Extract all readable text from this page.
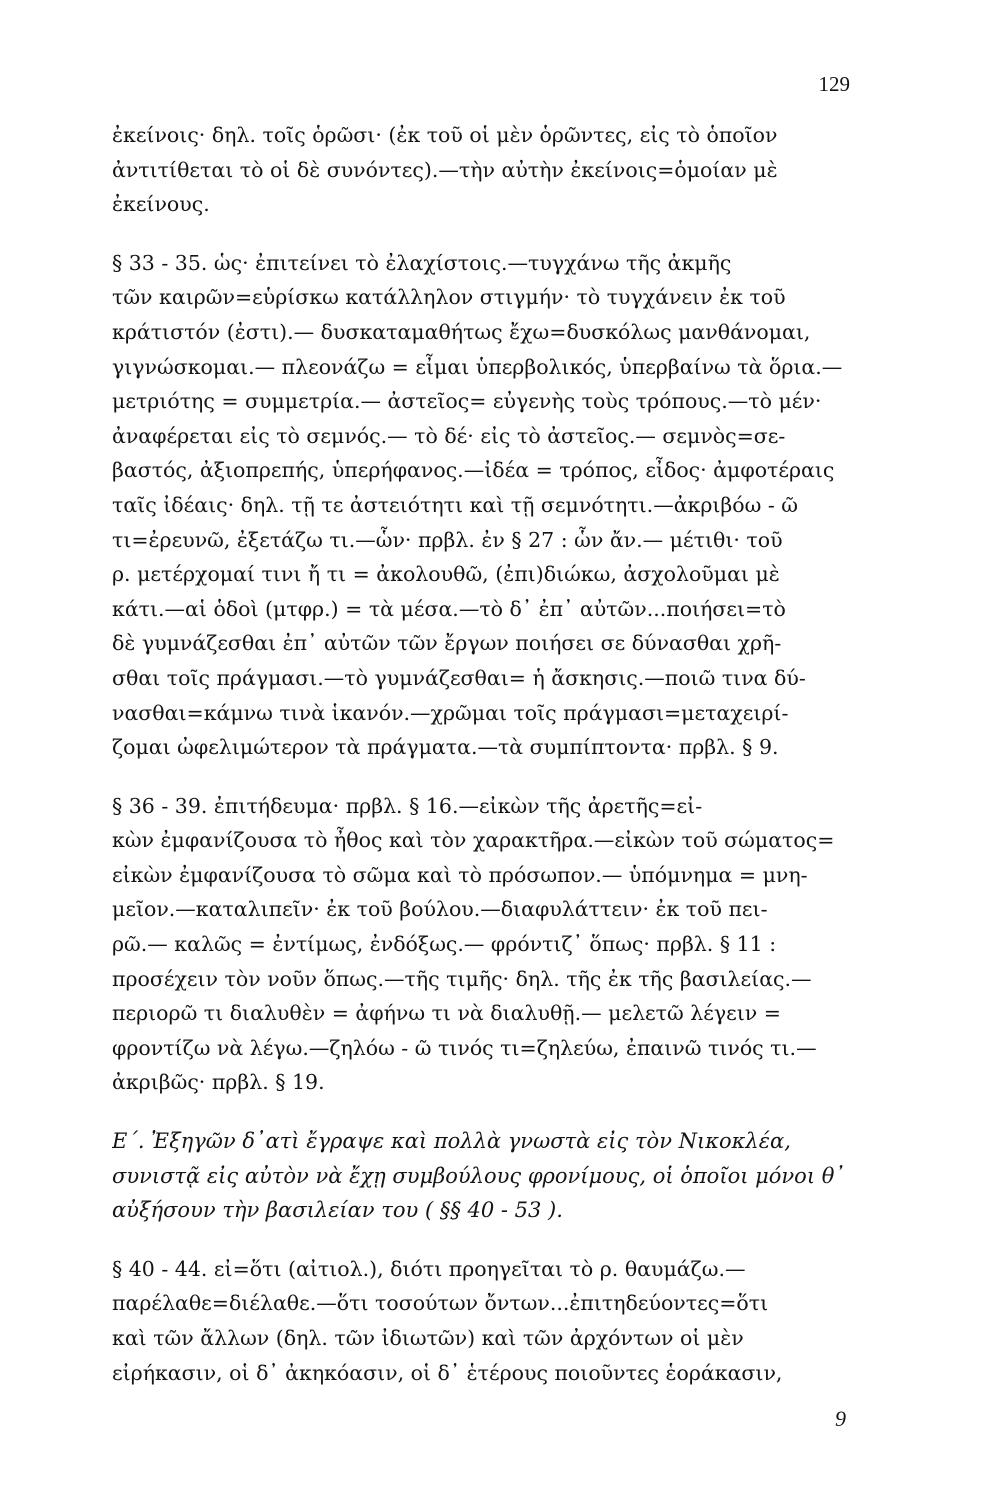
129
ἐκείνοις· δηλ. τοῖς ὁρῶσι· (ἐκ τοῦ οἱ μὲν ὁρῶντες, εἰς τὸ ὁποῖον
ἀντιτίθεται τὸ οἱ δὲ συνόντες).—τὴν αὐτὴν ἐκείνοις=ὁμοίαν μὲ
ἐκείνους.
§ 33 - 35. ὡς· ἐπιτείνει τὸ ἐλαχίστοις.—τυγχάνω τῆς ἀκμῆς
τῶν καιρῶν=εὑρίσκω κατάλληλον στιγμήν· τὸ τυγχάνειν ἐκ τοῦ
κράτιστόν (ἐστι).— δυσκαταμαθήτως ἔχω=δυσκόλως μανθάνομαι,
γιγνώσκομαι.— πλεονάζω = εἶμαι ὑπερβολικός, ὑπερβαίνω τὰ ὅρια.—
μετριότης = συμμετρία.— ἀστεῖος= εὐγενὴς τοὺς τρόπους.—τὸ μέν·
ἀναφέρεται εἰς τὸ σεμνός.— τὸ δέ· εἰς τὸ ἀστεῖος.— σεμνὸς=σε-
βαστός, ἀξιοπρεπής, ὑπερήφανος.—ἰδέα = τρόπος, εἶδος· ἀμφοτέραις
ταῖς ἰδέαις· δηλ. τῇ τε ἀστειότητι καὶ τῇ σεμνότητι.—ἀκριβόω - ῶ
τι=ἐρευνῶ, ἐξετάζω τι.—ὧν· πρβλ. ἐν § 27 : ὧν ἄν.— μέτιθι· τοῦ
ρ. μετέρχομαί τινι ἤ τι = ἀκολουθῶ, (ἐπι)διώκω, ἀσχολοῦμαι μὲ
κάτι.—αἱ ὁδοὶ (μτφρ.) = τὰ μέσα.—τὸ δ᾽ ἐπ᾽ αὐτῶν...ποιήσει=τὸ
δὲ γυμνάζεσθαι ἐπ᾽ αὐτῶν τῶν ἔργων ποιήσει σε δύνασθαι χρῆ-
σθαι τοῖς πράγμασι.—τὸ γυμνάζεσθαι= ἡ ἄσκησις.—ποιῶ τινα δύ-
νασθαι=κάμνω τινὰ ἱκανόν.—χρῶμαι τοῖς πράγμασι=μεταχειρί-
ζομαι ὠφελιμώτερον τὰ πράγματα.—τὰ συμπίπτοντα· πρβλ. § 9.
§ 36 - 39. ἐπιτήδευμα· πρβλ. § 16.—εἰκὼν τῆς ἀρετῆς=εἰ-
κὼν ἐμφανίζουσα τὸ ἦθος καὶ τὸν χαρακτῆρα.—εἰκὼν τοῦ σώματος=
εἰκὼν ἐμφανίζουσα τὸ σῶμα καὶ τὸ πρόσωπον.— ὑπόμνημα = μνη-
μεῖον.—καταλιπεῖν· ἐκ τοῦ βούλου.—διαφυλάττειν· ἐκ τοῦ πει-
ρῶ.— καλῶς = ἐντίμως, ἐνδόξως.— φρόντιζ᾽ ὅπως· πρβλ. § 11 :
προσέχειν τὸν νοῦν ὅπως.—τῆς τιμῆς· δηλ. τῆς ἐκ τῆς βασιλείας.—
περιορῶ τι διαλυθὲν = ἀφήνω τι νὰ διαλυθῇ.— μελετῶ λέγειν =
φροντίζω νὰ λέγω.—ζηλόω - ῶ τινός τι=ζηλεύω, ἐπαινῶ τινός τι.—
ἀκριβῶς· πρβλ. § 19.
Ε΄. Ἐξηγῶν δ᾽ατὶ ἔγραψε καὶ πολλὰ γνωστὰ εἰς τὸν Νικοκλέα,
συνιστᾷ εἰς αὐτὸν νὰ ἔχῃ συμβούλους φρονίμους, οἱ ὁποῖοι μόνοι θ᾽
αὐξήσουν τὴν βασιλείαν του ( §§ 40 - 53 ).
§ 40 - 44. εἰ=ὅτι (αἰτιολ.), διότι προηγεῖται τὸ ρ. θαυμάζω.—
παρέλαθε=διέλαθε.—ὅτι τοσούτων ὄντων...ἐπιτηδεύοντες=ὅτι
καὶ τῶν ἄλλων (δηλ. τῶν ἰδιωτῶν) καὶ τῶν ἀρχόντων οἱ μὲν
εἰρήκασιν, οἱ δ᾽ ἀκηκόασιν, οἱ δ᾽ ἑτέρους ποιοῦντες ἑοράκασιν,
9
